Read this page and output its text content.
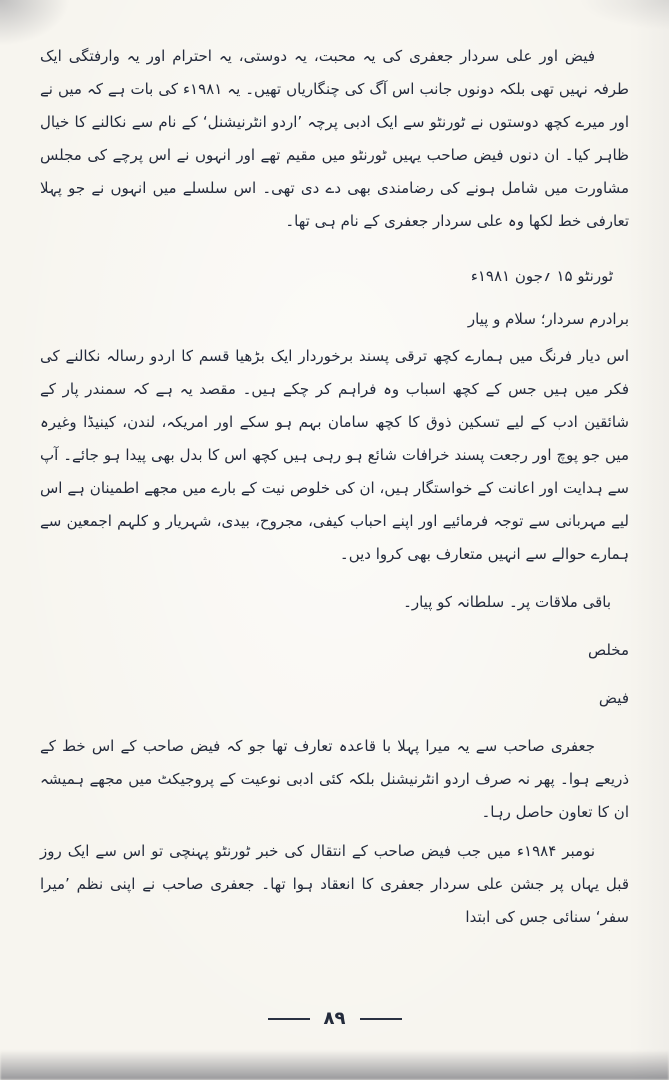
فیض اور علی سردار جعفری کی یہ محبت، یہ دوستی، یہ احترام اور یہ وارفتگی ایک طرفہ نہیں تھی بلکہ دونوں جانب اس آگ کی چنگاریاں تھیں۔ یہ ۱۹۸۱ء کی بات ہے کہ میں نے اور میرے کچھ دوستوں نے ٹورنٹو سے ایک ادبی پرچہ ’اردو انٹرنیشنل‘ کے نام سے نکالنے کا خیال ظاہر کیا۔ ان دنوں فیض صاحب یہیں ٹورنٹو میں مقیم تھے اور انہوں نے اس پرچے کی مجلس مشاورت میں شامل ہونے کی رضامندی بھی دے دی تھی۔ اس سلسلے میں انہوں نے جو پہلا تعارفی خط لکھا وہ علی سردار جعفری کے نام ہی تھا۔

ٹورنٹو ۱۵ ؍جون ۱۹۸۱ء

برادرم سردار؛ سلام و پیار

اس دیار فرنگ میں ہمارے کچھ ترقی پسند برخوردار ایک بڑھیا قسم کا اردو رسالہ نکالنے کی فکر میں ہیں جس کے کچھ اسباب وہ فراہم کر چکے ہیں۔ مقصد یہ ہے کہ سمندر پار کے شائقین ادب کے لیے تسکین ذوق کا کچھ سامان بہم ہو سکے اور امریکہ، لندن، کینیڈا وغیرہ میں جو پوچ اور رجعت پسند خرافات شائع ہو رہی ہیں کچھ اس کا بدل بھی پیدا ہو جائے۔ آپ سے ہدایت اور اعانت کے خواستگار ہیں، ان کی خلوص نیت کے بارے میں مجھے اطمینان ہے اس لیے مہربانی سے توجہ فرمائیے اور اپنے احباب کیفی، مجروح، بیدی، شہریار و کلہم اجمعین سے ہمارے حوالے سے انہیں متعارف بھی کروا دیں۔

باقی ملاقات پر۔ سلطانہ کو پیار۔

مخلص

فیض

جعفری صاحب سے یہ میرا پہلا با قاعدہ تعارف تھا جو کہ فیض صاحب کے اس خط کے ذریعے ہوا۔ پھر نہ صرف اردو انٹرنیشنل بلکہ کئی ادبی نوعیت کے پروجیکٹ میں مجھے ہمیشہ ان کا تعاون حاصل رہا۔

نومبر ۱۹۸۴ء میں جب فیض صاحب کے انتقال کی خبر ٹورنٹو پہنچی تو اس سے ایک روز قبل یہاں پر جشن علی سردار جعفری کا انعقاد ہوا تھا۔ جعفری صاحب نے اپنی نظم ’میرا سفر‘ سنائی جس کی ابتدا

۸۹
